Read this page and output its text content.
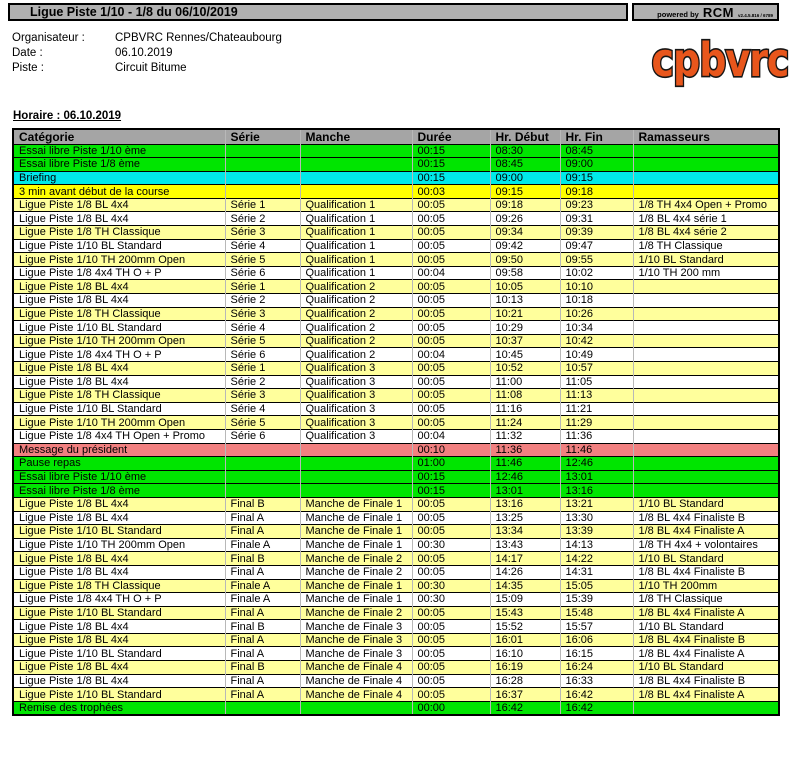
Ligue Piste 1/10 - 1/8 du 06/10/2019	powered by RCM v2.4.5.816 / 6789
Organisateur :	CPBVRC Rennes/Chateaubourg
Date :	06.10.2019
Piste :	Circuit Bitume	cpbvrc
Horaire : 06.10.2019
Catégorie	Série	Manche	Durée	Hr. Début	Hr. Fin	Ramasseurs
Essai libre Piste 1/10 ème			00:15	08:30	08:45	
Essai libre Piste 1/8 ème			00:15	08:45	09:00	
Briefing			00:15	09:00	09:15	
3 min avant début de la course			00:03	09:15	09:18	
Ligue Piste 1/8 BL 4x4	Série 1	Qualification 1	00:05	09:18	09:23	1/8 TH 4x4 Open + Promo
Ligue Piste 1/8 BL 4x4	Série 2	Qualification 1	00:05	09:26	09:31	1/8 BL 4x4 série 1
Ligue Piste 1/8 TH Classique	Série 3	Qualification 1	00:05	09:34	09:39	1/8 BL 4x4 série 2
Ligue Piste 1/10 BL Standard	Série 4	Qualification 1	00:05	09:42	09:47	1/8 TH Classique
Ligue Piste 1/10 TH 200mm Open	Série 5	Qualification 1	00:05	09:50	09:55	1/10 BL Standard
Ligue Piste 1/8 4x4 TH O + P	Série 6	Qualification 1	00:04	09:58	10:02	1/10 TH 200 mm
Ligue Piste 1/8 BL 4x4	Série 1	Qualification 2	00:05	10:05	10:10	
Ligue Piste 1/8 BL 4x4	Série 2	Qualification 2	00:05	10:13	10:18	
Ligue Piste 1/8 TH Classique	Série 3	Qualification 2	00:05	10:21	10:26	
Ligue Piste 1/10 BL Standard	Série 4	Qualification 2	00:05	10:29	10:34	
Ligue Piste 1/10 TH 200mm Open	Série 5	Qualification 2	00:05	10:37	10:42	
Ligue Piste 1/8 4x4 TH O + P	Série 6	Qualification 2	00:04	10:45	10:49	
Ligue Piste 1/8 BL 4x4	Série 1	Qualification 3	00:05	10:52	10:57	
Ligue Piste 1/8 BL 4x4	Série 2	Qualification 3	00:05	11:00	11:05	
Ligue Piste 1/8 TH Classique	Série 3	Qualification 3	00:05	11:08	11:13	
Ligue Piste 1/10 BL Standard	Série 4	Qualification 3	00:05	11:16	11:21	
Ligue Piste 1/10 TH 200mm Open	Série 5	Qualification 3	00:05	11:24	11:29	
Ligue Piste 1/8 4x4 TH Open + Promo	Série 6	Qualification 3	00:04	11:32	11:36	
Message du président			00:10	11:36	11:46	
Pause repas			01:00	11:46	12:46	
Essai libre Piste 1/10 ème			00:15	12:46	13:01	
Essai libre Piste 1/8 ème			00:15	13:01	13:16	
Ligue Piste 1/8 BL 4x4	Final B	Manche de Finale 1	00:05	13:16	13:21	1/10 BL Standard
Ligue Piste 1/8 BL 4x4	Final A	Manche de Finale 1	00:05	13:25	13:30	1/8 BL 4x4 Finaliste B
Ligue Piste 1/10 BL Standard	Final A	Manche de Finale 1	00:05	13:34	13:39	1/8 BL 4x4 Finaliste A
Ligue Piste 1/10 TH 200mm Open	Finale A	Manche de Finale 1	00:30	13:43	14:13	1/8 TH 4x4 + volontaires
Ligue Piste 1/8 BL 4x4	Final B	Manche de Finale 2	00:05	14:17	14:22	1/10 BL Standard
Ligue Piste 1/8 BL 4x4	Final A	Manche de Finale 2	00:05	14:26	14:31	1/8 BL 4x4 Finaliste B
Ligue Piste 1/8 TH Classique	Finale A	Manche de Finale 1	00:30	14:35	15:05	1/10 TH 200mm
Ligue Piste 1/8 4x4 TH O + P	Finale A	Manche de Finale 1	00:30	15:09	15:39	1/8 TH Classique
Ligue Piste 1/10 BL Standard	Final A	Manche de Finale 2	00:05	15:43	15:48	1/8 BL 4x4 Finaliste A
Ligue Piste 1/8 BL 4x4	Final B	Manche de Finale 3	00:05	15:52	15:57	1/10 BL Standard
Ligue Piste 1/8 BL 4x4	Final A	Manche de Finale 3	00:05	16:01	16:06	1/8 BL 4x4 Finaliste B
Ligue Piste 1/10 BL Standard	Final A	Manche de Finale 3	00:05	16:10	16:15	1/8 BL 4x4 Finaliste A
Ligue Piste 1/8 BL 4x4	Final B	Manche de Finale 4	00:05	16:19	16:24	1/10 BL Standard
Ligue Piste 1/8 BL 4x4	Final A	Manche de Finale 4	00:05	16:28	16:33	1/8 BL 4x4 Finaliste B
Ligue Piste 1/10 BL Standard	Final A	Manche de Finale 4	00:05	16:37	16:42	1/8 BL 4x4 Finaliste A
Remise des trophées			00:00	16:42	16:42	
